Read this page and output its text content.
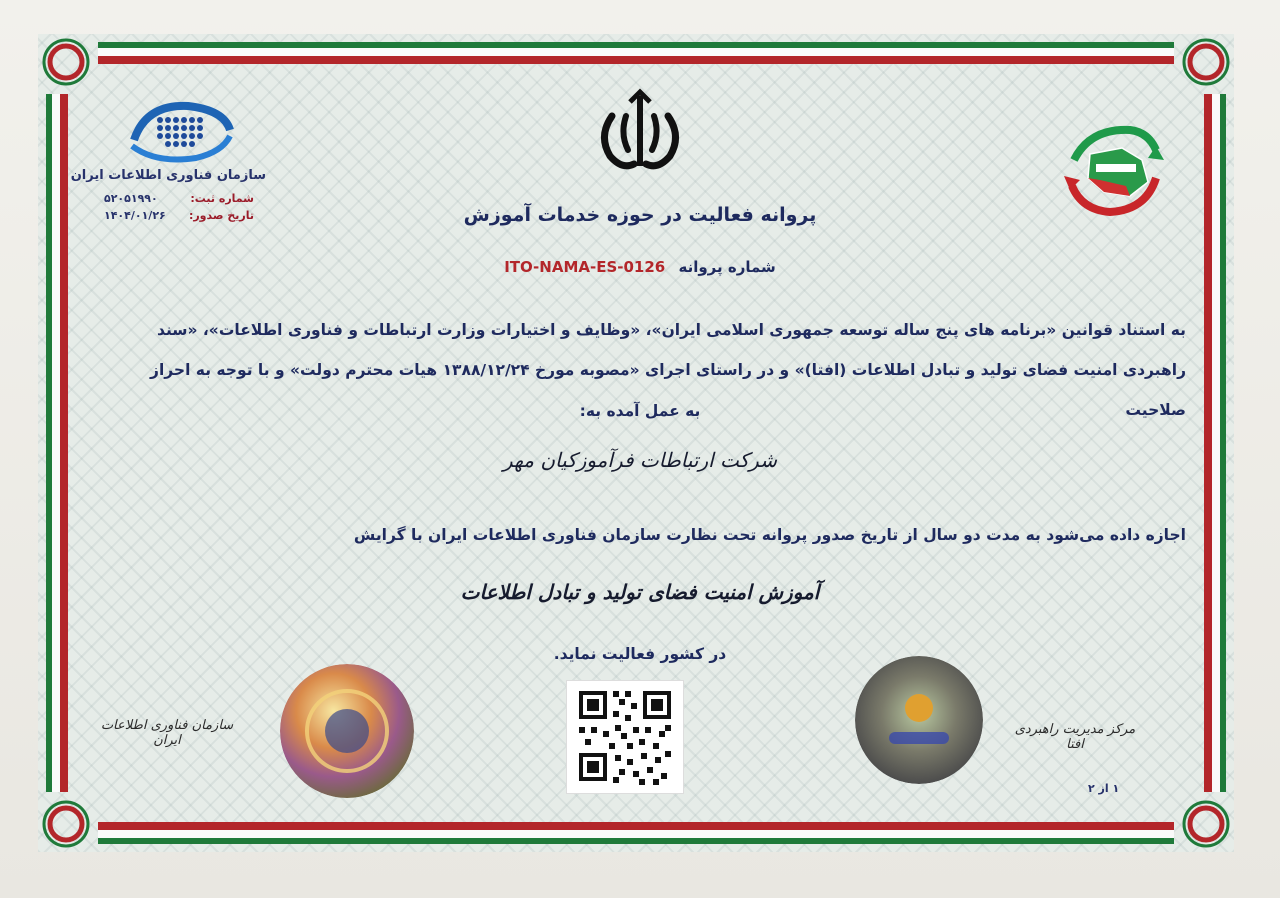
سازمان فناوری اطلاعات ایران
شماره ثبت:
۵۲۰۵۱۹۹۰
تاریخ صدور:
۱۴۰۴/۰۱/۲۶	پروانه فعالیت در حوزه خدمات آموزش
شماره پروانه ITO-NAMA-ES-0126
به استناد قوانین «برنامه های پنج ساله توسعه جمهوری اسلامی ایران»، «وظایف و اختیارات وزارت ارتباطات و فناوری اطلاعات»، «سند راهبردی امنیت فضای تولید و تبادل اطلاعات (افتا)» و در راستای اجرای «مصوبه مورخ ۱۳۸۸/۱۲/۲۴ هیات محترم دولت» و با توجه به احراز صلاحیت
به عمل آمده به:
شرکت ارتباطات فرآموزکیان مهر
اجازه داده می‌شود به مدت دو سال از تاریخ صدور پروانه تحت نظارت سازمان فناوری اطلاعات ایران با گرایش
آموزش امنیت فضای تولید و تبادل اطلاعات
در کشور فعالیت نماید.
سازمان فناوری اطلاعات ایران
مرکز مدیریت راهبردی افتا
۱ از ۲
